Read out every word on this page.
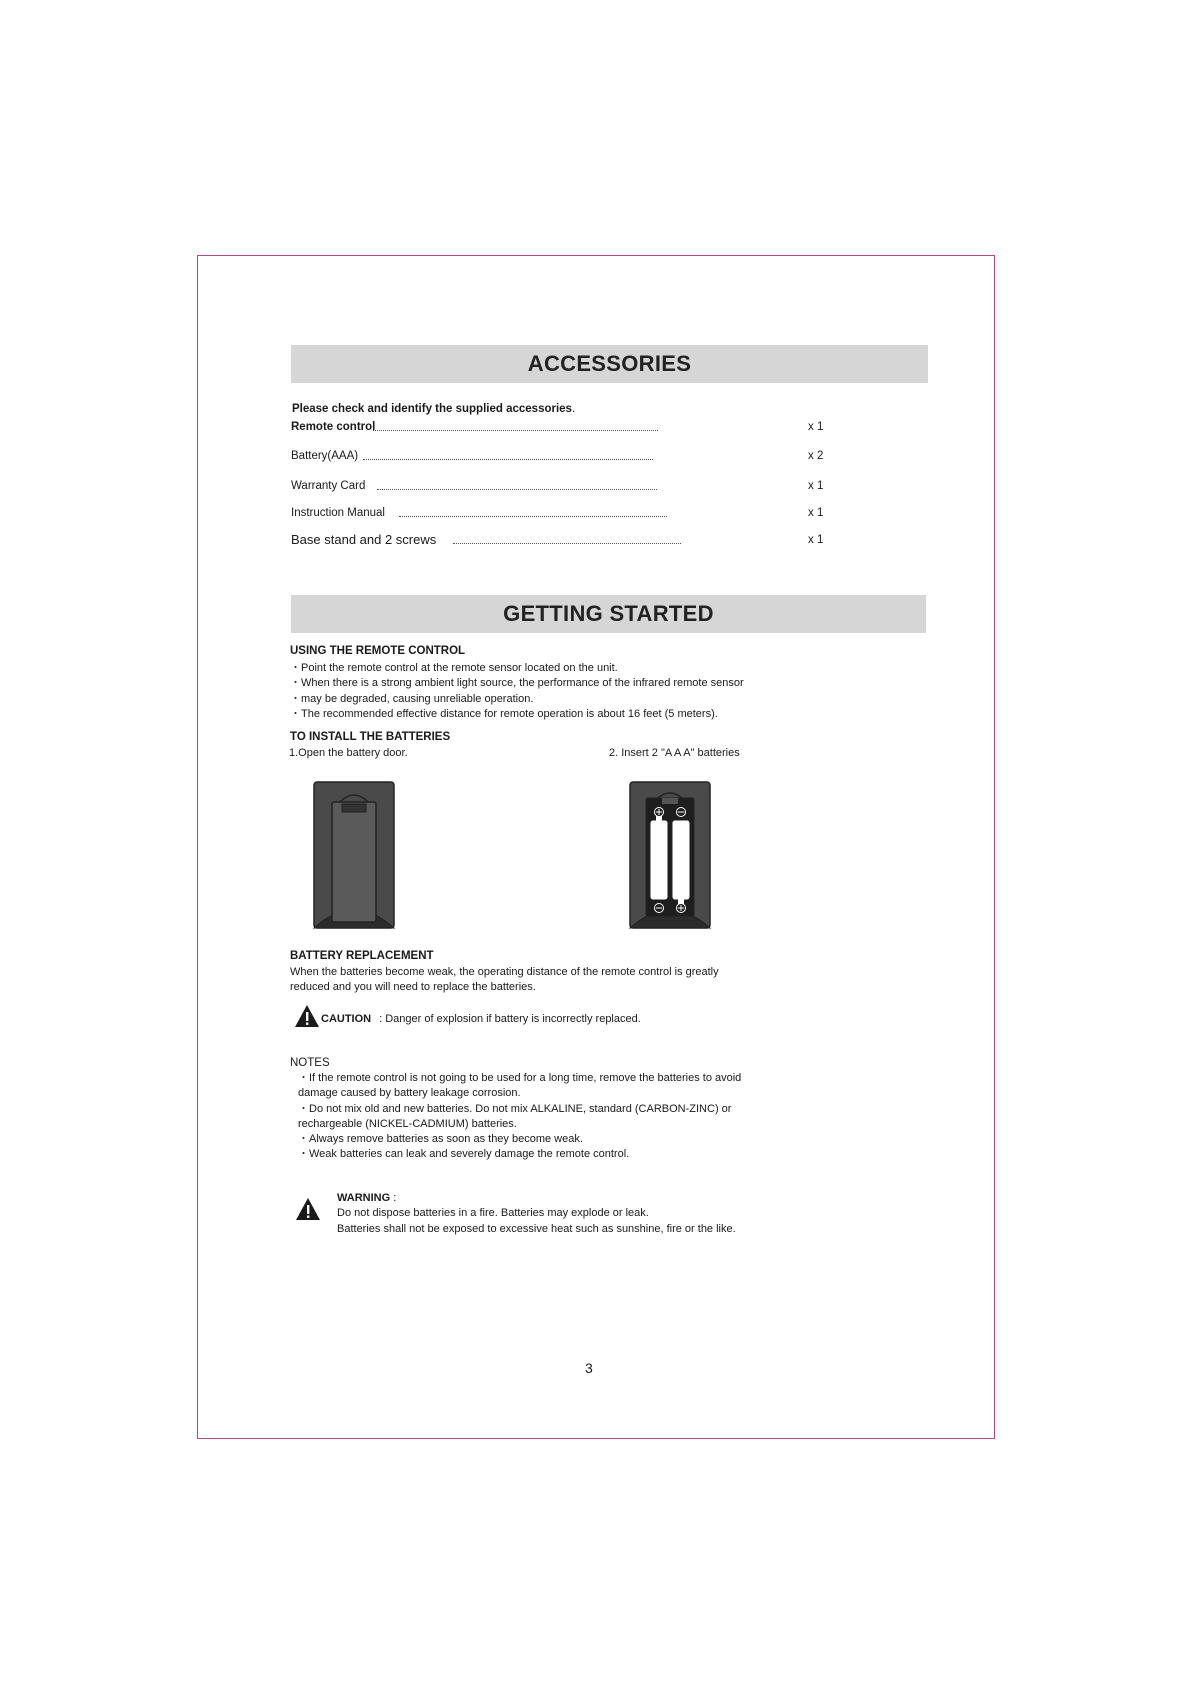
ACCESSORIES
Please check and identify the supplied accessories.
Remote control	x 1
Battery(AAA)	x 2
Warranty Card	x 1
Instruction Manual	x 1
Base stand and 2 screws	x 1
GETTING STARTED
USING THE REMOTE CONTROL

・Point the remote control at the remote sensor located on the unit.

・When there is a strong ambient light source, the performance of the infrared remote sensor

・may be degraded, causing unreliable operation.

・The recommended effective distance for remote operation is about 16 feet (5 meters).

TO INSTALL THE BATTERIES
1.Open the battery door.	2. Insert 2 "A A A" batteries
BATTERY REPLACEMENT

When the batteries become weak, the operating distance of the remote control is greatly

reduced and you will need to replace the batteries.

CAUTION : Danger of explosion if battery is incorrectly replaced.
NOTES

・If the remote control is not going to be used for a long time, remove the batteries to avoid

damage caused by battery leakage corrosion.

・Do not mix old and new batteries. Do not mix ALKALINE, standard (CARBON-ZINC) or

rechargeable (NICKEL-CADMIUM) batteries.

・Always remove batteries as soon as they become weak.

・Weak batteries can leak and severely damage the remote control.

WARNING :

Do not dispose batteries in a fire. Batteries may explode or leak.

Batteries shall not be exposed to excessive heat such as sunshine, fire or the like.

3
